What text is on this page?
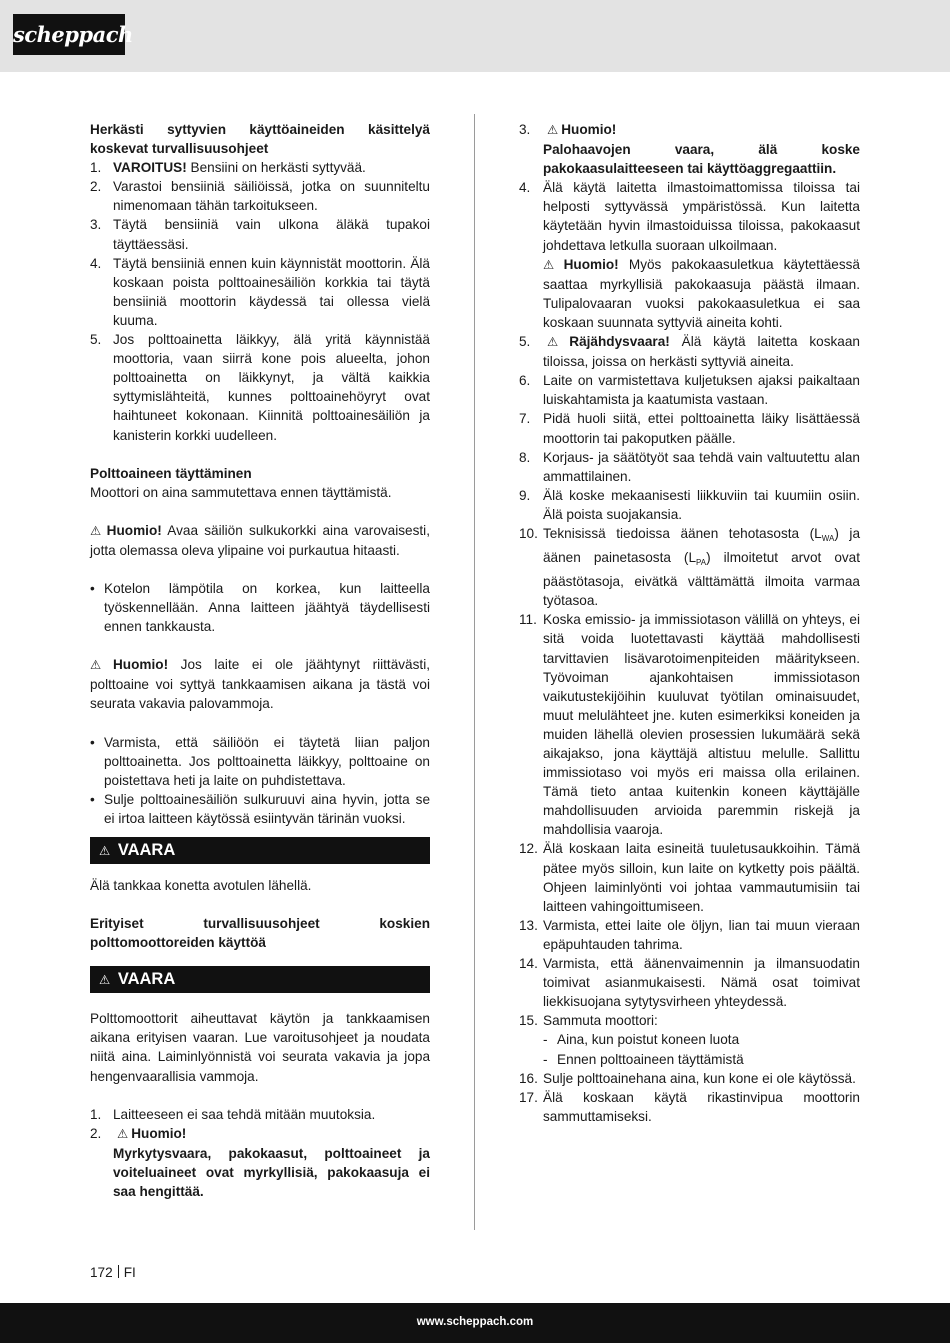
scheppach

Herkästi syttyvien käyttöaineiden käsittelyä koskevat turvallisuusohjeet

1. VAROITUS! Bensiini on herkästi syttyvää.
2. Varastoi bensiiniä säiliöissä, jotka on suunniteltu nimenomaan tähän tarkoitukseen.
3. Täytä bensiiniä vain ulkona äläkä tupakoi täyttäessäsi.
4. Täytä bensiiniä ennen kuin käynnistät moottorin. Älä koskaan poista polttoainesäiliön korkkia tai täytä bensiiniä moottorin käydessä tai ollessa vielä kuuma.
5. Jos polttoainetta läikkyy, älä yritä käynnistää moottoria, vaan siirrä kone pois alueelta, johon polttoainetta on läikkynyt, ja vältä kaikkia syttymislähteitä, kunnes polttoainehöyryt ovat haihtuneet kokonaan. Kiinnitä polttoainesäiliön ja kanisterin korkki uudelleen.

Polttoaineen täyttäminen

Moottori on aina sammutettava ennen täyttämistä.

⚠ Huomio! Avaa säiliön sulkukorkki aina varovaisesti, jotta olemassa oleva ylipaine voi purkautua hitaasti.

• Kotelon lämpötila on korkea, kun laitteella työskennellään. Anna laitteen jäähtyä täydellisesti ennen tankkausta.

⚠ Huomio! Jos laite ei ole jäähtynyt riittävästi, polttoaine voi syttyä tankkaamisen aikana ja tästä voi seurata vakavia palovammoja.

• Varmista, että säiliöön ei täytetä liian paljon polttoainetta. Jos polttoainetta läikkyy, polttoaine on poistettava heti ja laite on puhdistettava.
• Sulje polttoainesäiliön sulkuruuvi aina hyvin, jotta se ei irtoa laitteen käytössä esiintyvän tärinän vuoksi.
⚠ VAARA

Älä tankkaa konetta avotulen lähellä.

Erityiset turvallisuusohjeet koskien polttomoottoreiden käyttöä

⚠ VAARA

Polttomoottorit aiheuttavat käytön ja tankkaamisen aikana erityisen vaaran. Lue varoitusohjeet ja noudata niitä aina. Laiminlyönnistä voi seurata vakavia ja jopa hengenvaarallisia vammoja.

1. Laitteeseen ei saa tehdä mitään muutoksia.
2.	⚠ Huomio!
Myrkytysvaara, pakokaasut, polttoaineet ja voiteluaineet ovat myrkyllisiä, pakokaasuja ei saa hengittää.
3.	⚠ Huomio!
Palohaavojen vaara, älä koske pakokaasulaitteeseen tai käyttöaggregaattiin.
4. Älä käytä laitetta ilmastoimattomissa tiloissa tai helposti syttyvässä ympäristössä. Kun laitetta käytetään hyvin ilmastoiduissa tiloissa, pakokaasut johdettava letkulla suoraan ulkoilmaan.
⚠ Huomio! Myös pakokaasuletkua käytettäessä saattaa myrkyllisiä pakokaasuja päästä ilmaan. Tulipalovaaran vuoksi pakokaasuletkua ei saa koskaan suunnata syttyviä aineita kohti.
5.	⚠ Räjähdysvaara! Älä käytä laitetta koskaan tiloissa, joissa on herkästi syttyviä aineita.
6. Laite on varmistettava kuljetuksen ajaksi paikaltaan luiskahtamista ja kaatumista vastaan.
7. Pidä huoli siitä, ettei polttoainetta läiky lisättäessä moottorin tai pakoputken päälle.
8. Korjaus- ja säätötyöt saa tehdä vain valtuutettu alan ammattilainen.
9. Älä koske mekaanisesti liikkuviin tai kuumiin osiin. Älä poista suojakansia.
10. Teknisissä tiedoissa äänen tehotasosta $(L_{WA})$ ja äänen painetasosta $(L_{PA})$ ilmoitetut arvot ovat päästötasoja, eivätkä välttämättä ilmoita varmaa työtasoa.
11. Koska emissio- ja immissiotason välillä on yhteys, ei sitä voida luotettavasti käyttää mahdollisesti tarvittavien lisävarotoimenpiteiden määritykseen. Työvoiman ajankohtaisen immissiotason vaikutustekijöihin kuuluvat työtilan ominaisuudet, muut melulähteet jne. kuten esimerkiksi koneiden ja muiden lähellä olevien prosessien lukumäärä sekä aikajakso, jona käyttäjä altistuu melulle. Sallittu immissiotaso voi myös eri maissa olla erilainen. Tämä tieto antaa kuitenkin koneen käyttäjälle mahdollisuuden arvioida paremmin riskejä ja mahdollisia vaaroja.
12. Älä koskaan laita esineitä tuuletusaukkoihin. Tämä pätee myös silloin, kun laite on kytketty pois päältä. Ohjeen laiminlyönti voi johtaa vammautumisiin tai laitteen vahingoittumiseen.
13. Varmista, ettei laite ole öljyn, lian tai muun vieraan epäpuhtauden tahrima.
14. Varmista, että äänenvaimennin ja ilmansuodatin toimivat asianmukaisesti. Nämä osat toimivat liekkisuojana sytytysvirheen yhteydessä.
15. Sammuta moottori:
- Aina, kun poistut koneen luota
- Ennen polttoaineen täyttämistä
16. Sulje polttoainehana aina, kun kone ei ole käytössä.
17. Älä koskaan käytä rikastinvipua moottorin sammuttamiseksi.
172 FI
www.scheppach.com
